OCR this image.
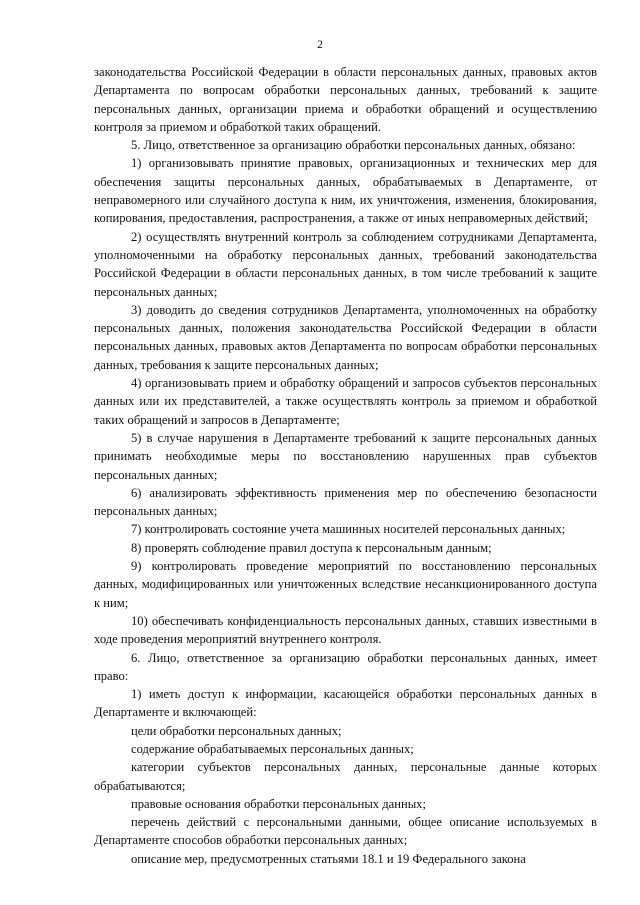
2

законодательства Российской Федерации в области персональных данных, правовых актов Департамента по вопросам обработки персональных данных, требований к защите персональных данных, организации приема и обработки обращений и осуществлению контроля за приемом и обработкой таких обращений.

5. Лицо, ответственное за организацию обработки персональных данных, обязано:

1) организовывать принятие правовых, организационных и технических мер для обеспечения защиты персональных данных, обрабатываемых в Департаменте, от неправомерного или случайного доступа к ним, их уничтожения, изменения, блокирования, копирования, предоставления, распространения, а также от иных неправомерных действий;

2) осуществлять внутренний контроль за соблюдением сотрудниками Департамента, уполномоченными на обработку персональных данных, требований законодательства Российской Федерации в области персональных данных, в том числе требований к защите персональных данных;

3) доводить до сведения сотрудников Департамента, уполномоченных на обработку персональных данных, положения законодательства Российской Федерации в области персональных данных, правовых актов Департамента по вопросам обработки персональных данных, требования к защите персональных данных;

4) организовывать прием и обработку обращений и запросов субъектов персональных данных или их представителей, а также осуществлять контроль за приемом и обработкой таких обращений и запросов в Департаменте;

5) в случае нарушения в Департаменте требований к защите персональных данных принимать необходимые меры по восстановлению нарушенных прав субъектов персональных данных;

6) анализировать эффективность применения мер по обеспечению безопасности персональных данных;

7) контролировать состояние учета машинных носителей персональных данных;

8) проверять соблюдение правил доступа к персональным данным;

9) контролировать проведение мероприятий по восстановлению персональных данных, модифицированных или уничтоженных вследствие несанкционированного доступа к ним;

10) обеспечивать конфиденциальность персональных данных, ставших известными в ходе проведения мероприятий внутреннего контроля.

6. Лицо, ответственное за организацию обработки персональных данных, имеет право:

1) иметь доступ к информации, касающейся обработки персональных данных в Департаменте и включающей:

цели обработки персональных данных;

содержание обрабатываемых персональных данных;

категории субъектов персональных данных, персональные данные которых обрабатываются;

правовые основания обработки персональных данных;

перечень действий с персональными данными, общее описание используемых в Департаменте способов обработки персональных данных;

описание мер, предусмотренных статьями 18.1 и 19 Федерального закона
